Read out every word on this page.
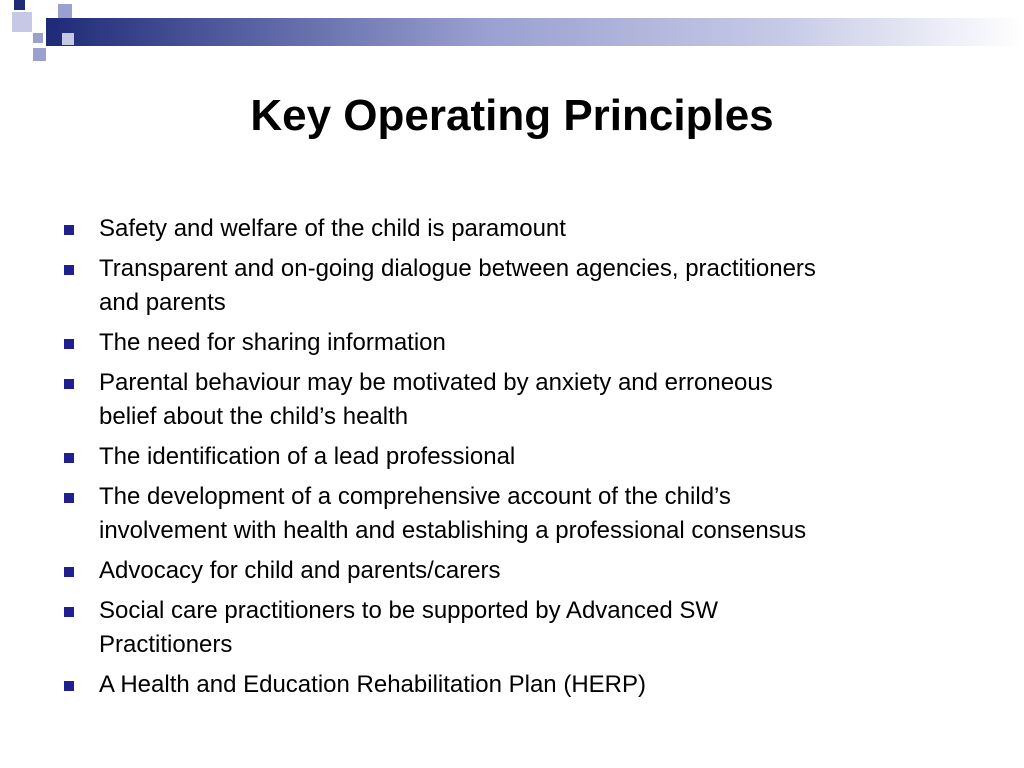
Key Operating Principles
Safety and welfare of the child is paramount
Transparent and on-going dialogue between agencies, practitioners
and parents
The need for sharing information
Parental behaviour may be motivated by anxiety and erroneous
belief about the child’s health
The identification of a lead professional
The development of a comprehensive account of the child’s
involvement with health and establishing a professional consensus
Advocacy for child and parents/carers
Social care practitioners to be supported by Advanced SW
Practitioners
A Health and Education Rehabilitation Plan (HERP)
